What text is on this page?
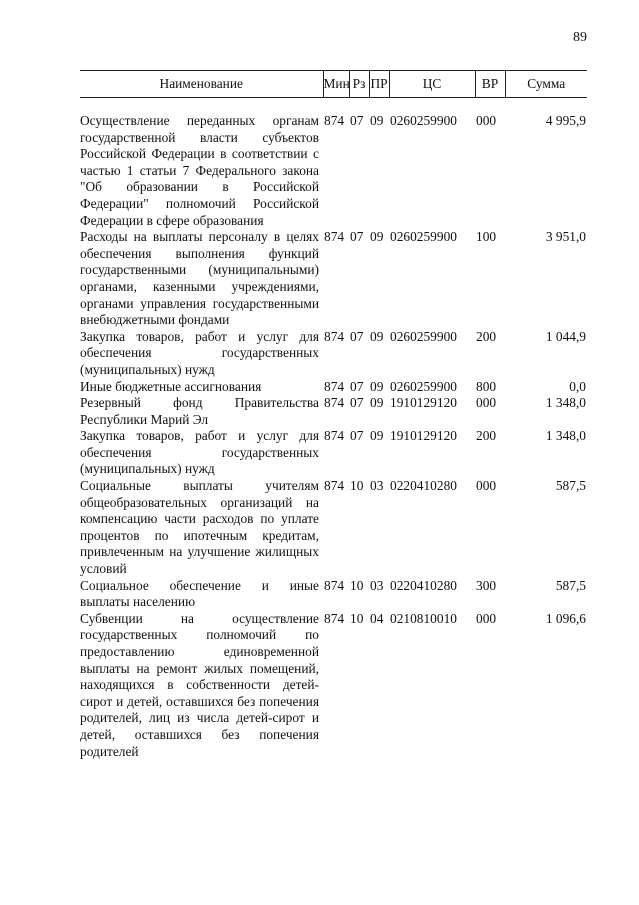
89
Наименование	Мин	Рз	ПР	ЦС	ВР	Сумма

Осуществление переданных органам государственной власти субъектов Российской Федерации в соответствии с частью 1 статьи 7 Федерального закона "Об образовании в Российской Федерации" полномочий Российской Федерации в сфере образования	874	07	09	0260259900	000	4 995,9
Расходы на выплаты персоналу в целях обеспечения выполнения функций государственными (муниципальными) органами, казенными учреждениями, органами управления государственными внебюджетными фондами	874	07	09	0260259900	100	3 951,0
Закупка товаров, работ и услуг для обеспечения государственных (муниципальных) нужд	874	07	09	0260259900	200	1 044,9
Иные бюджетные ассигнования	874	07	09	0260259900	800	0,0
Резервный фонд Правительства Республики Марий Эл	874	07	09	1910129120	000	1 348,0
Закупка товаров, работ и услуг для обеспечения государственных (муниципальных) нужд	874	07	09	1910129120	200	1 348,0
Социальные выплаты учителям общеобразовательных организаций на компенсацию части расходов по уплате процентов по ипотечным кредитам, привлеченным на улучшение жилищных условий	874	10	03	0220410280	000	587,5
Социальное обеспечение и иные выплаты населению	874	10	03	0220410280	300	587,5
Субвенции на осуществление государственных полномочий по предоставлению единовременной выплаты на ремонт жилых помещений, находящихся в собственности детей-сирот и детей, оставшихся без попечения родителей, лиц из числа детей-сирот и детей, оставшихся без попечения родителей	874	10	04	0210810010	000	1 096,6
